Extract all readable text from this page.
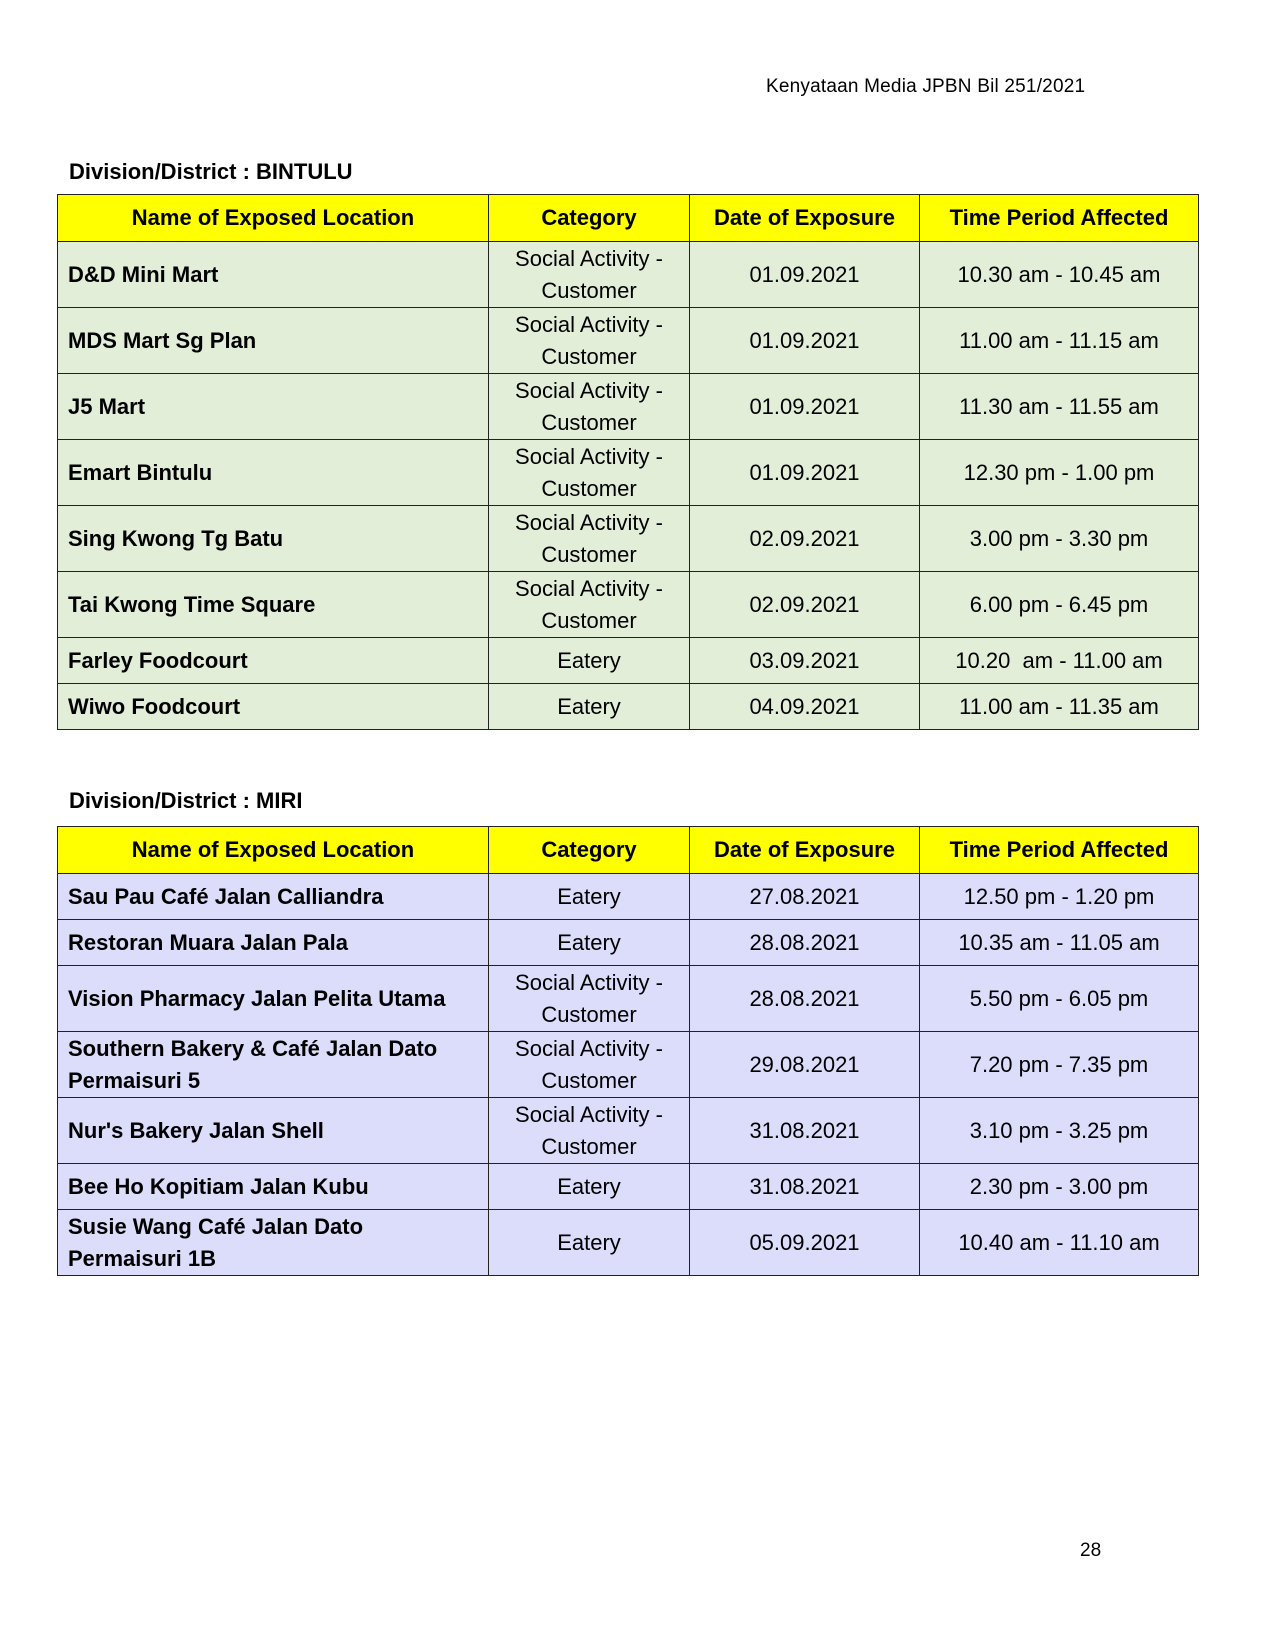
Kenyataan Media JPBN Bil 251/2021
Division/District : BINTULU
Name of Exposed Location	Category	Date of Exposure	Time Period Affected
D&D Mini Mart	Social Activity - Customer	01.09.2021	10.30 am - 10.45 am
MDS Mart Sg Plan	Social Activity - Customer	01.09.2021	11.00 am - 11.15 am
J5 Mart	Social Activity - Customer	01.09.2021	11.30 am - 11.55 am
Emart Bintulu	Social Activity - Customer	01.09.2021	12.30 pm - 1.00 pm
Sing Kwong Tg Batu	Social Activity - Customer	02.09.2021	3.00 pm - 3.30 pm
Tai Kwong Time Square	Social Activity - Customer	02.09.2021	6.00 pm - 6.45 pm
Farley Foodcourt	Eatery	03.09.2021	10.20  am - 11.00 am
Wiwo Foodcourt	Eatery	04.09.2021	11.00 am - 11.35 am
Division/District : MIRI
Name of Exposed Location	Category	Date of Exposure	Time Period Affected
Sau Pau Café Jalan Calliandra	Eatery	27.08.2021	12.50 pm - 1.20 pm
Restoran Muara Jalan Pala	Eatery	28.08.2021	10.35 am - 11.05 am
Vision Pharmacy Jalan Pelita Utama	Social Activity - Customer	28.08.2021	5.50 pm - 6.05 pm
Southern Bakery & Café Jalan Dato Permaisuri 5	Social Activity - Customer	29.08.2021	7.20 pm - 7.35 pm
Nur's Bakery Jalan Shell	Social Activity - Customer	31.08.2021	3.10 pm - 3.25 pm
Bee Ho Kopitiam Jalan Kubu	Eatery	31.08.2021	2.30 pm - 3.00 pm
Susie Wang Café Jalan Dato Permaisuri 1B	Eatery	05.09.2021	10.40 am - 11.10 am
28
